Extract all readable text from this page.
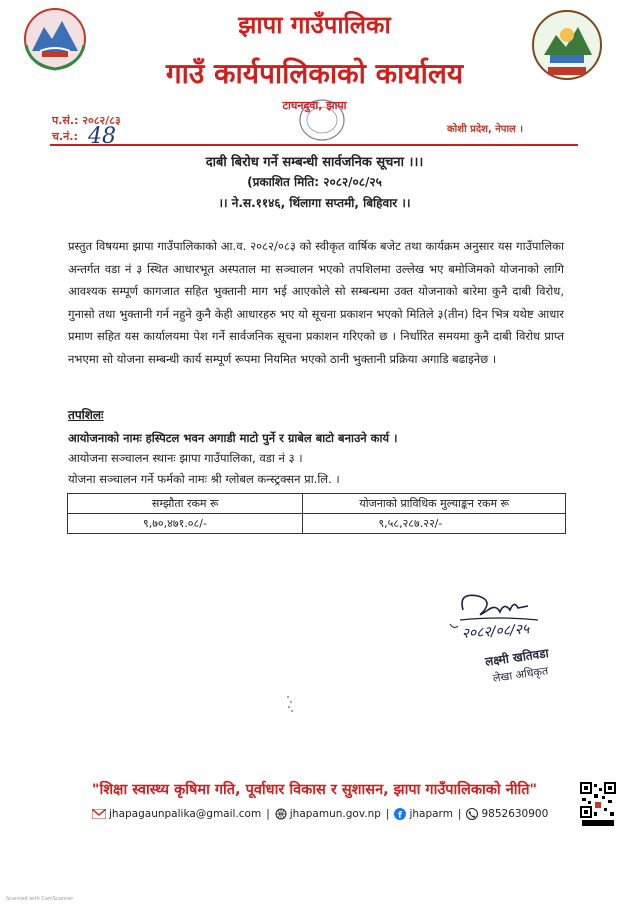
झापा गाउँपालिका
गाउँ कार्यपालिकाको कार्यालय
टाघनदुवा, झापा
प.सं.: २०८२/८३
च.नं.: 48	कोशी प्रदेश, नेपाल ।
दाबी बिरोध गर्ने सम्बन्धी सार्वजनिक सूचना ।।।
(प्रकाशित मिति: २०८२/०८/२५
।। ने.स.११४६, थिंलागा सप्तमी, बिहिवार ।।
प्रस्तुत विषयमा झापा गाउँपालिकाको आ.व. २०८२/०८३ को स्वीकृत वार्षिक बजेट तथा कार्यक्रम अनुसार यस गाउँपालिका अन्तर्गत वडा नं ३ स्थित आधारभूत अस्पताल मा सञ्चालन भएको तपशिलमा उल्लेख भए बमोजिमको योजनाको लागि आवश्यक सम्पूर्ण कागजात सहित भुक्तानी माग भई आएकोले सो सम्बन्धमा उक्त योजनाको बारेमा कुनै दाबी विरोध, गुनासो तथा भुक्तानी गर्न नहुने कुनै केही आधारहरु भए यो सूचना प्रकाशन भएको मितिले ३(तीन) दिन भित्र यथेष्ट आधार प्रमाण सहित यस कार्यालयमा पेश गर्ने सार्वजनिक सूचना प्रकाशन गरिएको छ । निर्धारित समयमा कुनै दाबी विरोध प्राप्त नभएमा सो योजना सम्बन्धी कार्य सम्पूर्ण रूपमा नियमित भएको ठानी भुक्तानी प्रक्रिया अगाडि बढाइनेछ ।
तपशिलः
आयोजनाको नामः हस्पिटल भवन अगाडी माटो पुर्ने र ग्राबेल बाटो बनाउने कार्य ।
आयोजना सञ्चालन स्थानः झापा गाउँपालिका, वडा नं ३ ।
योजना सञ्चालन गर्ने फर्मको नामः श्री ग्लोबल कन्स्ट्रक्सन प्रा.लि. ।
सम्झौता रकम रू	योजनाको प्राविधिक मुल्याङ्कन रकम रू
९,७०,४७१.०८/-	९,५८,२८७.२२/-
२०८२/०८/२५
लक्ष्मी खतिवडा
लेखा अधिकृत
"शिक्षा स्वास्थ्य कृषिमा गति, पूर्वाधार विकास र सुशासन, झापा गाउँपालिकाको नीति"
jhapagaunpalika@gmail.com | jhapamun.gov.np | f jhaparm | 9852630900
Scanned with CamScanner
